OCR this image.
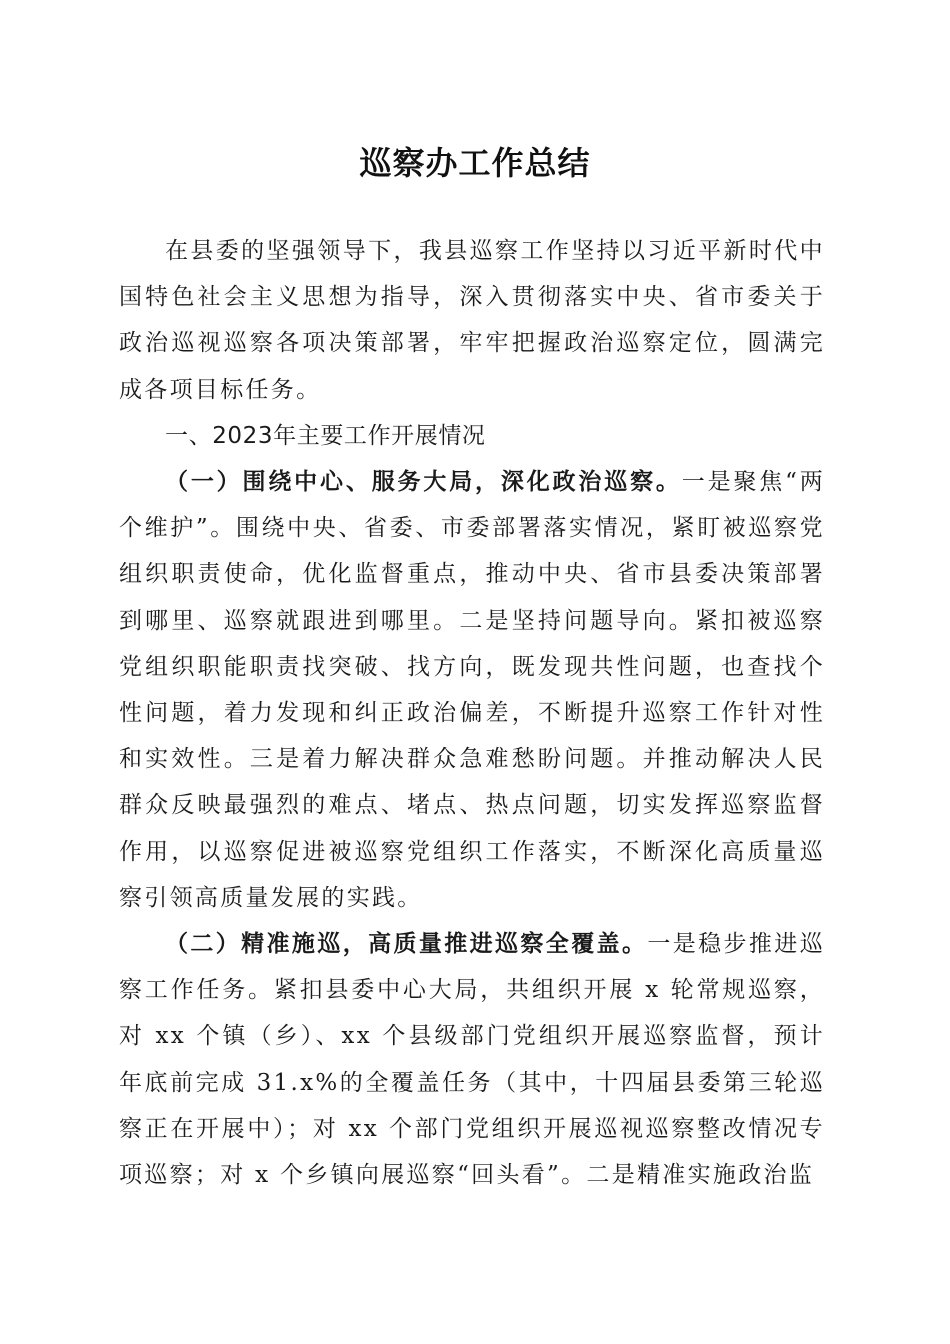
巡察办工作总结

在县委的坚强领导下，我县巡察工作坚持以习近平新时代中国特色社会主义思想为指导，深入贯彻落实中央、省市委关于政治巡视巡察各项决策部署，牢牢把握政治巡察定位，圆满完成各项目标任务。

一、2023年主要工作开展情况

（一）围绕中心、服务大局，深化政治巡察。一是聚焦“两个维护”。围绕中央、省委、市委部署落实情况，紧盯被巡察党组织职责使命，优化监督重点，推动中央、省市县委决策部署到哪里、巡察就跟进到哪里。二是坚持问题导向。紧扣被巡察党组织职能职责找突破、找方向，既发现共性问题，也查找个性问题，着力发现和纠正政治偏差，不断提升巡察工作针对性和实效性。三是着力解决群众急难愁盼问题。并推动解决人民群众反映最强烈的难点、堵点、热点问题，切实发挥巡察监督作用，以巡察促进被巡察党组织工作落实，不断深化高质量巡察引领高质量发展的实践。

（二）精准施巡，高质量推进巡察全覆盖。一是稳步推进巡察工作任务。紧扣县委中心大局，共组织开展 x 轮常规巡察，对 xx 个镇（乡）、xx 个县级部门党组织开展巡察监督，预计年底前完成 31.x%的全覆盖任务（其中，十四届县委第三轮巡察正在开展中）；对 xx 个部门党组织开展巡视巡察整改情况专项巡察；对 x 个乡镇向展巡察“回头看”。二是精准实施政治监
